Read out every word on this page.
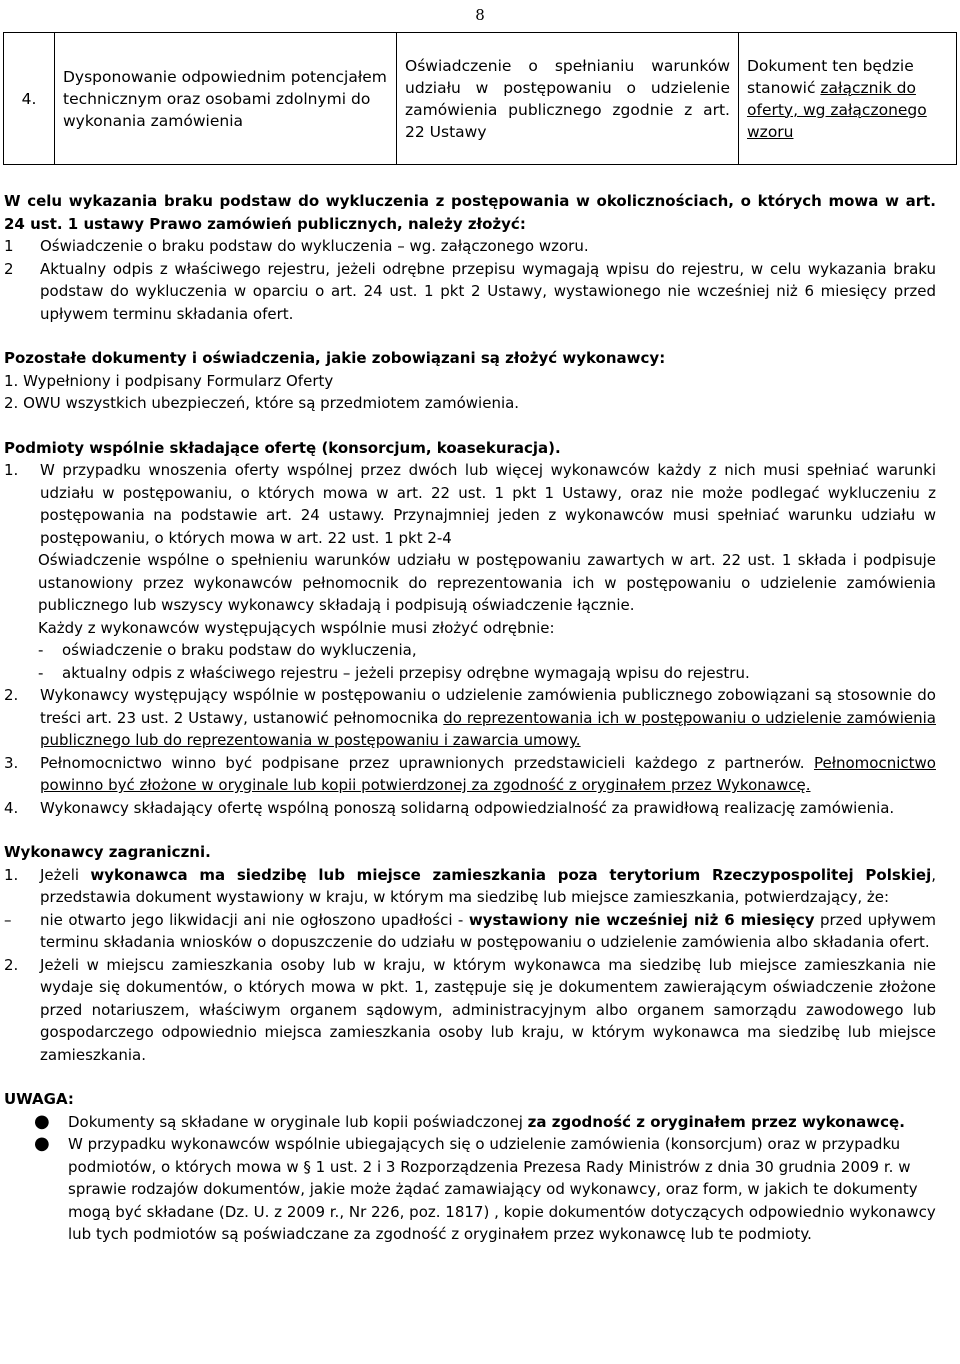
8
4.	Dysponowanie odpowiednim potencjałem technicznym oraz osobami zdolnymi do wykonania zamówienia	Oświadczenie o spełnianiu warunków udziału w postępowaniu o udzielenie zamówienia publicznego zgodnie z art. 22 Ustawy	Dokument ten będzie stanowić załącznik do oferty, wg załączonego wzoru

W celu wykazania braku podstaw do wykluczenia z postępowania w okolicznościach, o których mowa w art. 24 ust. 1 ustawy Prawo zamówień publicznych, należy złożyć:

1	Oświadczenie o braku podstaw do wykluczenia – wg. załączonego wzoru.
2	Aktualny odpis z właściwego rejestru, jeżeli odrębne przepisu wymagają wpisu do rejestru, w celu wykazania braku podstaw do wykluczenia w oparciu o art. 24 ust. 1 pkt 2 Ustawy, wystawionego nie wcześniej niż 6 miesięcy przed upływem terminu składania ofert.

Pozostałe dokumenty i oświadczenia, jakie zobowiązani są złożyć wykonawcy:

1. Wypełniony i podpisany Formularz Oferty

2. OWU wszystkich ubezpieczeń, które są przedmiotem zamówienia.

Podmioty wspólnie składające ofertę (konsorcjum, koasekuracja).

1.	W przypadku wnoszenia oferty wspólnej przez dwóch lub więcej wykonawców każdy z nich musi spełniać warunki udziału w postępowaniu, o których mowa w art. 22 ust. 1 pkt 1 Ustawy, oraz nie może podlegać wykluczeniu z postępowania na podstawie art. 24 ustawy. Przynajmniej jeden z wykonawców musi spełniać warunku udziału w postępowaniu, o których mowa w art. 22 ust. 1 pkt 2-4

Oświadczenie wspólne o spełnieniu warunków udziału w postępowaniu zawartych w art. 22 ust. 1 składa i podpisuje ustanowiony przez wykonawców pełnomocnik do reprezentowania ich w postępowaniu o udzielenie zamówienia publicznego lub wszyscy wykonawcy składają i podpisują oświadczenie łącznie.

Każdy z wykonawców występujących wspólnie musi złożyć odrębnie:

-	oświadczenie o braku podstaw do wykluczenia,
-	aktualny odpis z właściwego rejestru – jeżeli przepisy odrębne wymagają wpisu do rejestru.
2.	Wykonawcy występujący wspólnie w postępowaniu o udzielenie zamówienia publicznego zobowiązani są stosownie do treści art. 23 ust. 2 Ustawy, ustanowić pełnomocnika do reprezentowania ich w postępowaniu o udzielenie zamówienia publicznego lub do reprezentowania w postępowaniu i zawarcia umowy.
3.	Pełnomocnictwo winno być podpisane przez uprawnionych przedstawicieli każdego z partnerów. Pełnomocnictwo powinno być złożone w oryginale lub kopii potwierdzonej za zgodność z oryginałem przez Wykonawcę.
4.	Wykonawcy składający ofertę wspólną ponoszą solidarną odpowiedzialność za prawidłową realizację zamówienia.

Wykonawcy zagraniczni.

1.	Jeżeli wykonawca ma siedzibę lub miejsce zamieszkania poza terytorium Rzeczypospolitej Polskiej, przedstawia dokument wystawiony w kraju, w którym ma siedzibę lub miejsce zamieszkania, potwierdzający, że:
–	nie otwarto jego likwidacji ani nie ogłoszono upadłości - wystawiony nie wcześniej niż 6 miesięcy przed upływem terminu składania wniosków o dopuszczenie do udziału w postępowaniu o udzielenie zamówienia albo składania ofert.
2.	Jeżeli w miejscu zamieszkania osoby lub w kraju, w którym wykonawca ma siedzibę lub miejsce zamieszkania nie wydaje się dokumentów, o których mowa w pkt. 1, zastępuje się je dokumentem zawierającym oświadczenie złożone przed notariuszem, właściwym organem sądowym, administracyjnym albo organem samorządu zawodowego lub gospodarczego odpowiednio miejsca zamieszkania osoby lub kraju, w którym wykonawca ma siedzibę lub miejsce zamieszkania.

UWAGA:

●	Dokumenty są składane w oryginale lub kopii poświadczonej za zgodność z oryginałem przez wykonawcę.
●	W przypadku wykonawców wspólnie ubiegających się o udzielenie zamówienia (konsorcjum) oraz w przypadku podmiotów, o których mowa w § 1 ust. 2 i 3 Rozporządzenia Prezesa Rady Ministrów z dnia 30 grudnia 2009 r. w sprawie rodzajów dokumentów, jakie może żądać zamawiający od wykonawcy, oraz form, w jakich te dokumenty mogą być składane (Dz. U. z 2009 r., Nr 226, poz. 1817) , kopie dokumentów dotyczących odpowiednio wykonawcy lub tych podmiotów są poświadczane za zgodność z oryginałem przez wykonawcę lub te podmioty.
